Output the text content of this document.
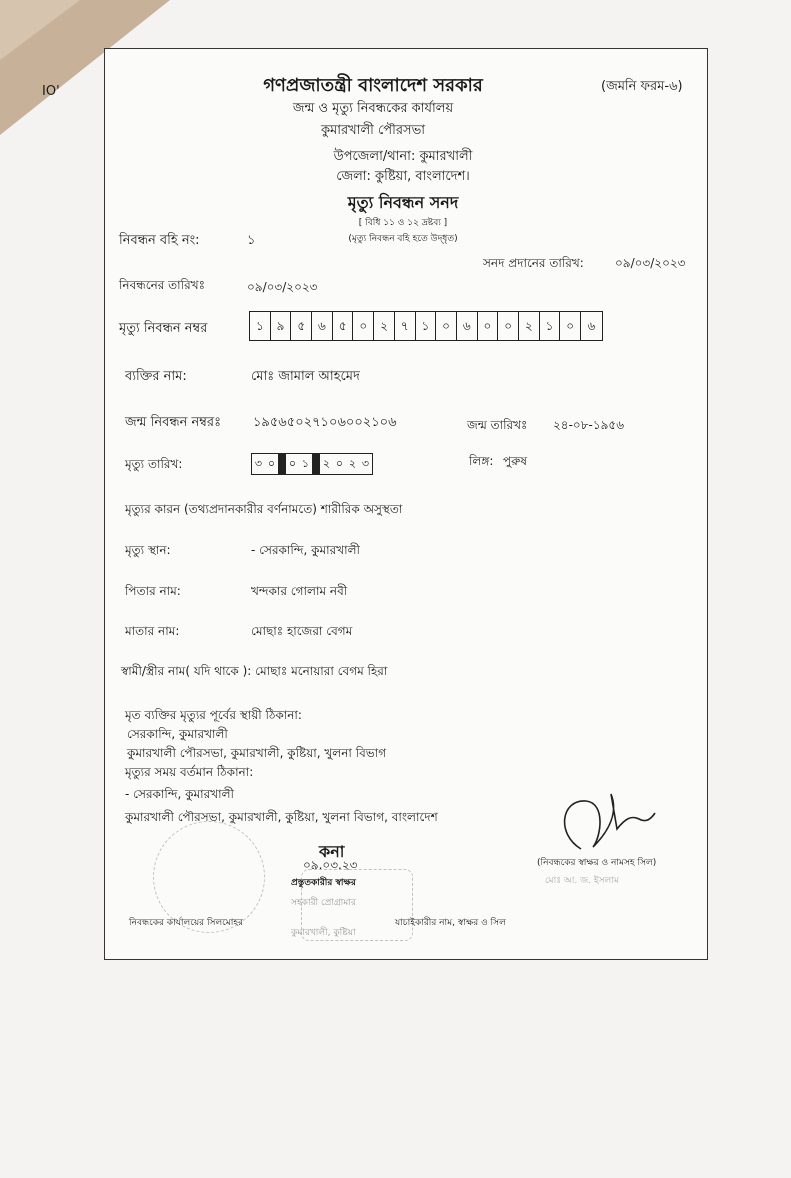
IO'	গণপ্রজাতন্ত্রী বাংলাদেশ সরকার	(জমনি ফরম-৬)
জন্ম ও মৃত্যু নিবন্ধকের কার্যালয়
কুমারখালী পৌরসভা
উপজেলা/থানা: কুমারখালী
জেলা: কুষ্টিয়া, বাংলাদেশ।
মৃত্যু নিবন্ধন সনদ
[ বিধি ১১ ও ১২ দ্রষ্টব্য ]
(মৃত্যু নিবন্ধন বহি হতে উদ্‌ধৃত)
নিবন্ধন বহি নং:	১
সনদ প্রদানের তারিখ:	০৯/০৩/২০২৩
নিবন্ধনের তারিখঃ	০৯/০৩/২০২৩
মৃত্যু নিবন্ধন নম্বর	১	৯	৫	৬	৫	০	২	৭	১	০	৬	০	০	২	১	০	৬
ব্যক্তির নাম:	মোঃ জামাল আহমেদ
জন্ম নিবন্ধন নম্বরঃ ১৯৫৬৫০২৭১০৬০০২১০৬	জন্ম তারিখঃ ২৪-০৮-১৯৫৬
মৃত্যু তারিখ:	৩ ০ ০ ১ ২ ০ ২ ৩	লিঙ্গ: পুরুষ
মৃত্যুর কারন (তথ্যপ্রদানকারীর বর্ণনামতে) শারীরিক অসুস্থতা
মৃত্যু স্থান:	- সেরকান্দি, কুমারখালী
পিতার নাম:	খন্দকার গোলাম নবী
মাতার নাম:	মোছাঃ হাজেরা বেগম
স্বামী/স্ত্রীর নাম( যদি থাকে ): মোছাঃ মনোয়ারা বেগম হিরা
মৃত ব্যক্তির মৃত্যুর পূর্বের স্থায়ী ঠিকানা:
সেরকান্দি, কুমারখালী
কুমারখালী পৌরসভা, কুমারখালী, কুষ্টিয়া, খুলনা বিভাগ
মৃত্যুর সময় বর্তমান ঠিকানা:
- সেরকান্দি, কুমারখালী
কুমারখালী পৌরসভা, কুমারখালী, কুষ্টিয়া, খুলনা বিভাগ, বাংলাদেশ
কনা
০৯.০৩.২৩
প্রস্তুতকারীর স্বাক্ষর
(নিবন্ধকের স্বাক্ষর ও নামসহ সিল)
মোঃ আ. জ. ইসলাম
নিবন্ধকের কার্যালয়ের সিলমোহর
কুমারখালী, কুষ্টিয়া
সহকারী প্রোগ্রামার
যাচাইকারীর নাম, স্বাক্ষর ও সিল
